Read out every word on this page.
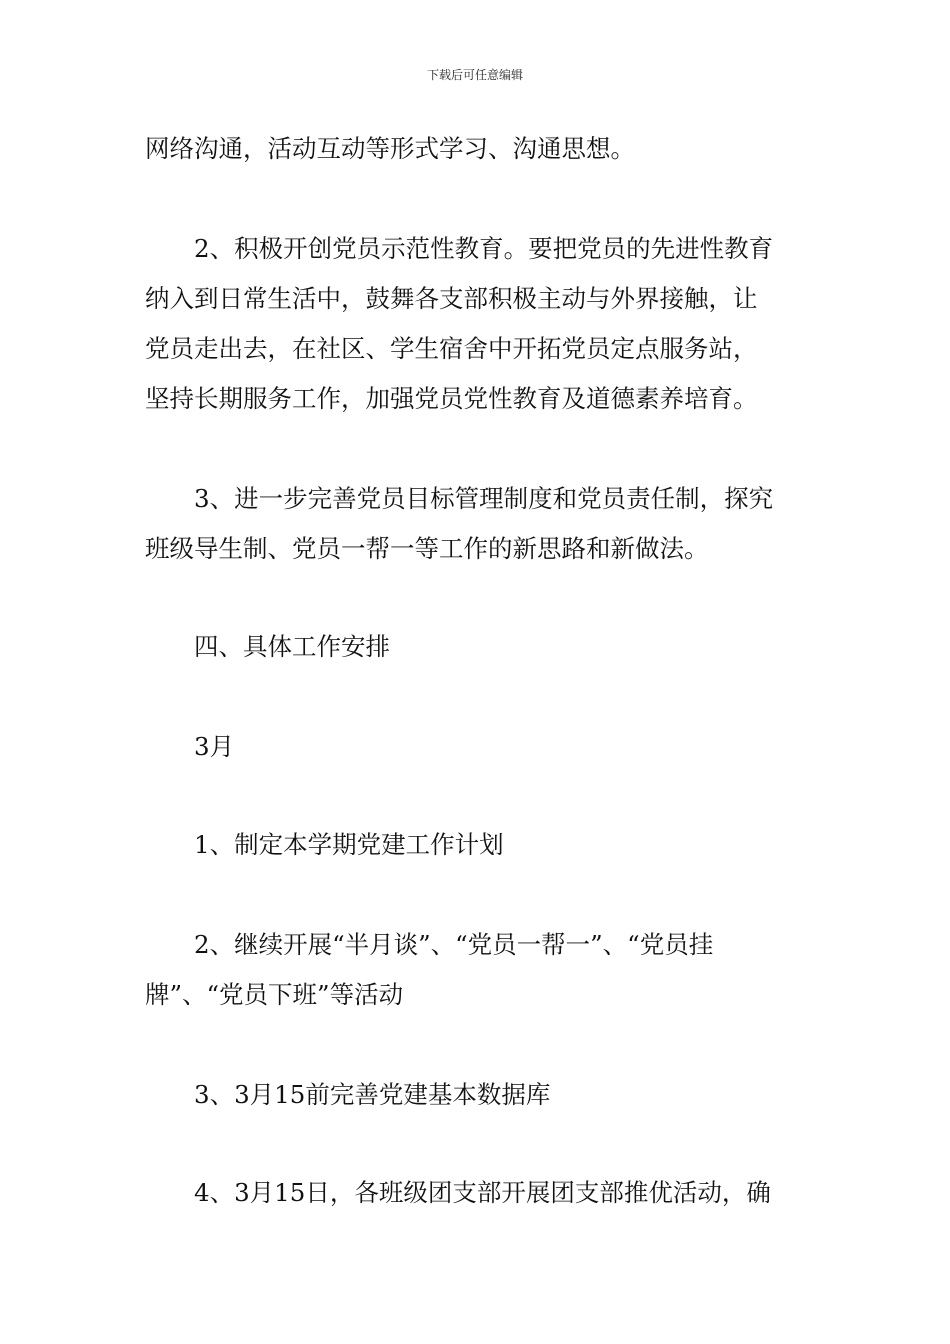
下载后可任意编辑
网络沟通，活动互动等形式学习、沟通思想。
2、积极开创党员示范性教育。要把党员的先进性教育
纳入到日常生活中，鼓舞各支部积极主动与外界接触，让
党员走出去，在社区、学生宿舍中开拓党员定点服务站，
坚持长期服务工作，加强党员党性教育及道德素养培育。
3、进一步完善党员目标管理制度和党员责任制，探究
班级导生制、党员一帮一等工作的新思路和新做法。
四、具体工作安排
3月
1、制定本学期党建工作计划
2、继续开展“半月谈”、“党员一帮一”、“党员挂
牌”、“党员下班”等活动
3、3月15前完善党建基本数据库
4、3月15日，各班级团支部开展团支部推优活动，确
